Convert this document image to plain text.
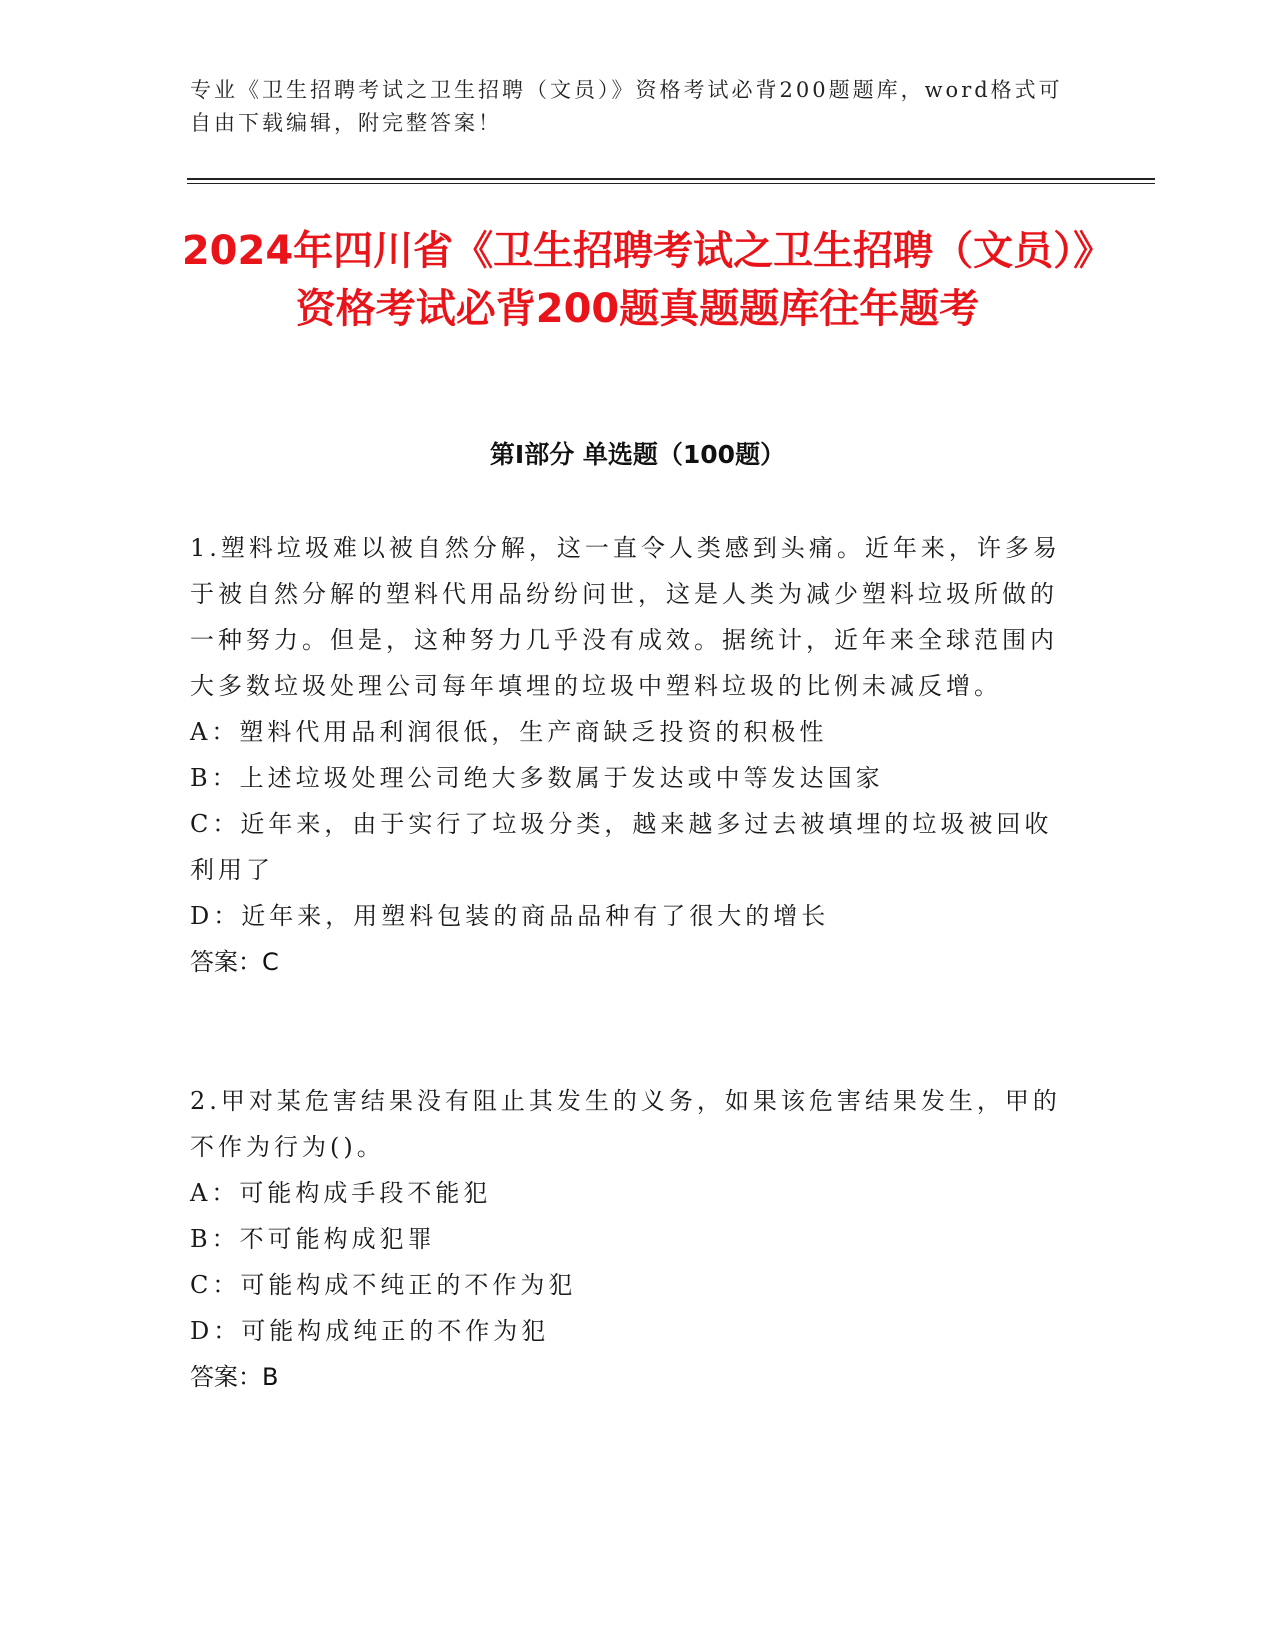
专业《卫生招聘考试之卫生招聘（文员）》资格考试必背200题题库，word格式可自由下载编辑，附完整答案！
2024年四川省《卫生招聘考试之卫生招聘（文员）》资格考试必背200题真题题库往年题考
第Ⅰ部分 单选题（100题）

1.塑料垃圾难以被自然分解，这一直令人类感到头痛。近年来，许多易于被自然分解的塑料代用品纷纷问世，这是人类为减少塑料垃圾所做的一种努力。但是，这种努力几乎没有成效。据统计，近年来全球范围内大多数垃圾处理公司每年填埋的垃圾中塑料垃圾的比例未减反增。

A：塑料代用品利润很低，生产商缺乏投资的积极性

B：上述垃圾处理公司绝大多数属于发达或中等发达国家

C：近年来，由于实行了垃圾分类，越来越多过去被填埋的垃圾被回收利用了

D：近年来，用塑料包装的商品品种有了很大的增长

答案：C

2.甲对某危害结果没有阻止其发生的义务，如果该危害结果发生，甲的不作为行为()。

A：可能构成手段不能犯

B：不可能构成犯罪

C：可能构成不纯正的不作为犯

D：可能构成纯正的不作为犯

答案：B
